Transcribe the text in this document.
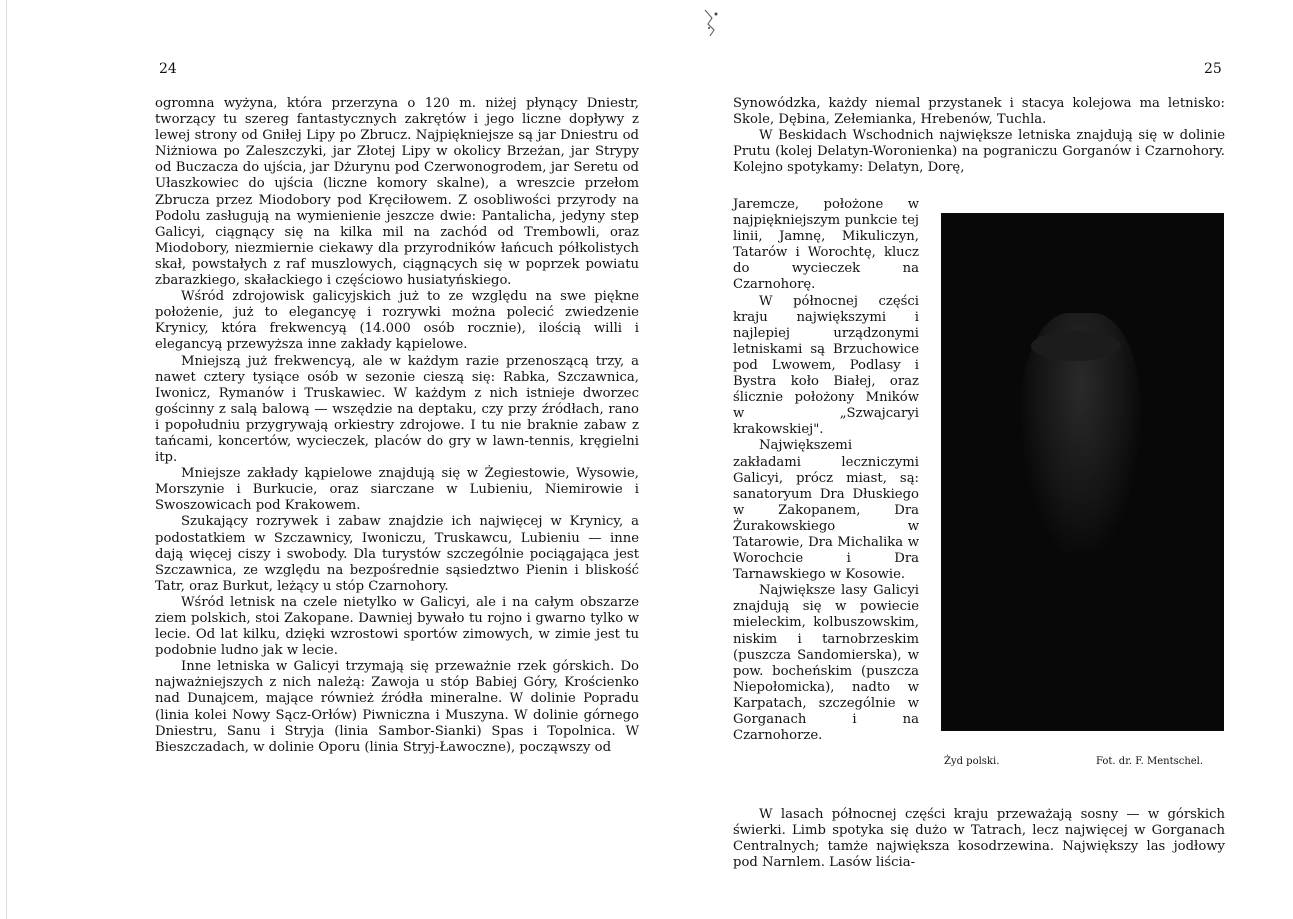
24	25

ogromna wyżyna, która przerzyna o 120 m. niżej płynący Dniestr, tworzący tu szereg fantastycznych zakrętów i jego liczne dopływy z lewej strony od Gniłej Lipy po Zbrucz. Najpiękniejsze są jar Dniestru od Niżniowa po Zaleszczyki, jar Złotej Lipy w okolicy Brzeżan, jar Strypy od Buczacza do ujścia, jar Dżurynu pod Czerwonogrodem, jar Seretu od Ułaszkowiec do ujścia (liczne komory skalne), a wreszcie przełom Zbrucza przez Miodobory pod Kręciłowem. Z osobliwości przyrody na Podolu zasługują na wymienienie jeszcze dwie: Pantalicha, jedyny step Galicyi, ciągnący się na kilka mil na zachód od Trembowli, oraz Miodobory, niezmiernie ciekawy dla przyrodników łańcuch półkolistych skał, powstałych z raf muszlowych, ciągnących się w poprzek powiatu zbarazkiego, skałackiego i częściowo husiatyńskiego.

Wśród zdrojowisk galicyjskich już to ze względu na swe piękne położenie, już to elegancyę i rozrywki można polecić zwiedzenie Krynicy, która frekwencyą (14.000 osób rocznie), ilością willi i elegancyą przewyższa inne zakłady kąpielowe.

Mniejszą już frekwencyą, ale w każdym razie przenoszącą trzy, a nawet cztery tysiące osób w sezonie cieszą się: Rabka, Szczawnica, Iwonicz, Rymanów i Truskawiec. W każdym z nich istnieje dworzec gościnny z salą balową — wszędzie na deptaku, czy przy źródłach, rano i popołudniu przygrywają orkiestry zdrojowe. I tu nie braknie zabaw z tańcami, koncertów, wycieczek, placów do gry w lawn-tennis, kręgielni itp.

Mniejsze zakłady kąpielowe znajdują się w Żegiestowie, Wysowie, Morszynie i Burkucie, oraz siarczane w Lubieniu, Niemirowie i Swoszowicach pod Krakowem.

Szukający rozrywek i zabaw znajdzie ich najwięcej w Krynicy, a podostatkiem w Szczawnicy, Iwoniczu, Truskawcu, Lubieniu — inne dają więcej ciszy i swobody. Dla turystów szczególnie pociągająca jest Szczawnica, ze względu na bezpośrednie sąsiedztwo Pienin i bliskość Tatr, oraz Burkut, leżący u stóp Czarnohory.

Wśród letnisk na czele nietylko w Galicyi, ale i na całym obszarze ziem polskich, stoi Zakopane. Dawniej bywało tu rojno i gwarno tylko w lecie. Od lat kilku, dzięki wzrostowi sportów zimowych, w zimie jest tu podobnie ludno jak w lecie.

Inne letniska w Galicyi trzymają się przeważnie rzek górskich. Do najważniejszych z nich należą: Zawoja u stóp Babiej Góry, Krościenko nad Dunajcem, mające również źródła mineralne. W dolinie Popradu (linia kolei Nowy Sącz-Orłów) Piwniczna i Muszyna. W dolinie górnego Dniestru, Sanu i Stryja (linia Sambor-Sianki) Spas i Topolnica. W Bieszczadach, w dolinie Oporu (linia Stryj-Ławoczne), począwszy od

Synowódzka, każdy niemal przystanek i stacya kolejowa ma letnisko: Skole, Dębina, Zełemianka, Hrebenów, Tuchla.

W Beskidach Wschodnich największe letniska znajdują się w dolinie Prutu (kolej Delatyn-Woronienka) na pograniczu Gorganów i Czarnohory. Kolejno spotykamy: Delatyn, Dorę,

Jaremcze, położone w najpiękniejszym punkcie tej linii, Jamnę, Mikuliczyn, Tatarów i Worochtę, klucz do wycieczek na Czarnohorę.

W północnej części kraju największymi i najlepiej urządzonymi letniskami są Brzuchowice pod Lwowem, Podlasy i Bystra koło Białej, oraz ślicznie położony Mników w „Szwajcaryi krakowskiej".

Największemi zakładami leczniczymi Galicyi, prócz miast, są: sanatoryum Dra Dłuskiego w Zakopanem, Dra Żurakowskiego w Tatarowie, Dra Michalika w Worochcie i Dra Tarnawskiego w Kosowie.

Największe lasy Galicyi znajdują się w powiecie mieleckim, kolbuszowskim, niskim i tarnobrzeskim (puszcza Sandomierska), w pow. bocheńskim (puszcza Niepołomicka), nadto w Karpatach, szczególnie w Gorganach i na Czarnohorze.

Żyd polski.	Fot. dr. F. Mentschel.

W lasach północnej części kraju przeważają sosny — w górskich świerki. Limb spotyka się dużo w Tatrach, lecz najwięcej w Gorganach Centralnych; tamże największa kosodrzewina. Największy las jodłowy pod Narnlem. Lasów liścia-
